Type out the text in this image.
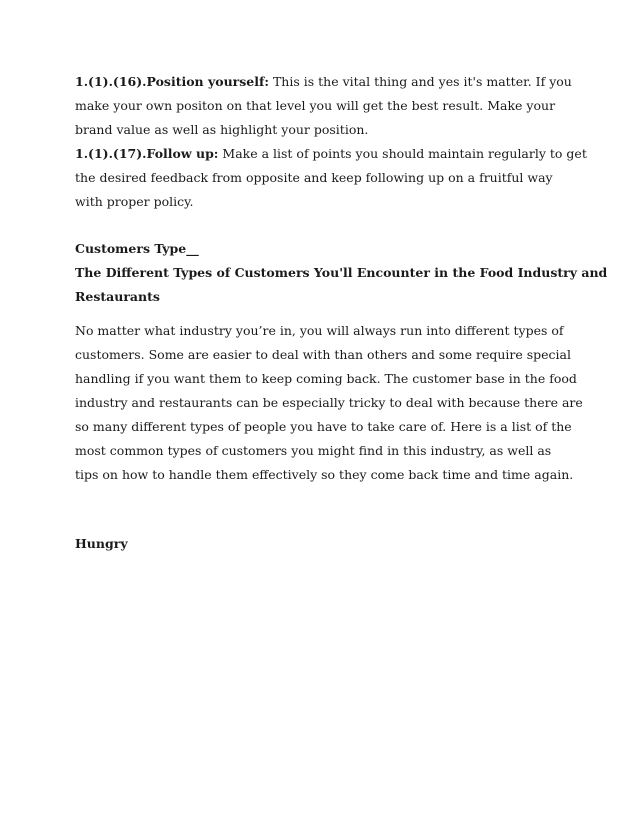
1.(1).(16).Position yourself: This is the vital thing and yes it's matter. If you

make your own positon on that level you will get the best result. Make your

brand value as well as highlight your position.

1.(1).(17).Follow up: Make a list of points you should maintain regularly to get

the desired feedback from opposite and keep following up on a fruitful way

with proper policy.

Customers Type__

The Different Types of Customers You'll Encounter in the Food Industry and

Restaurants

No matter what industry you’re in, you will always run into different types of

customers. Some are easier to deal with than others and some require special

handling if you want them to keep coming back. The customer base in the food

industry and restaurants can be especially tricky to deal with because there are

so many different types of people you have to take care of. Here is a list of the

most common types of customers you might find in this industry, as well as

tips on how to handle them effectively so they come back time and time again.

Hungry
